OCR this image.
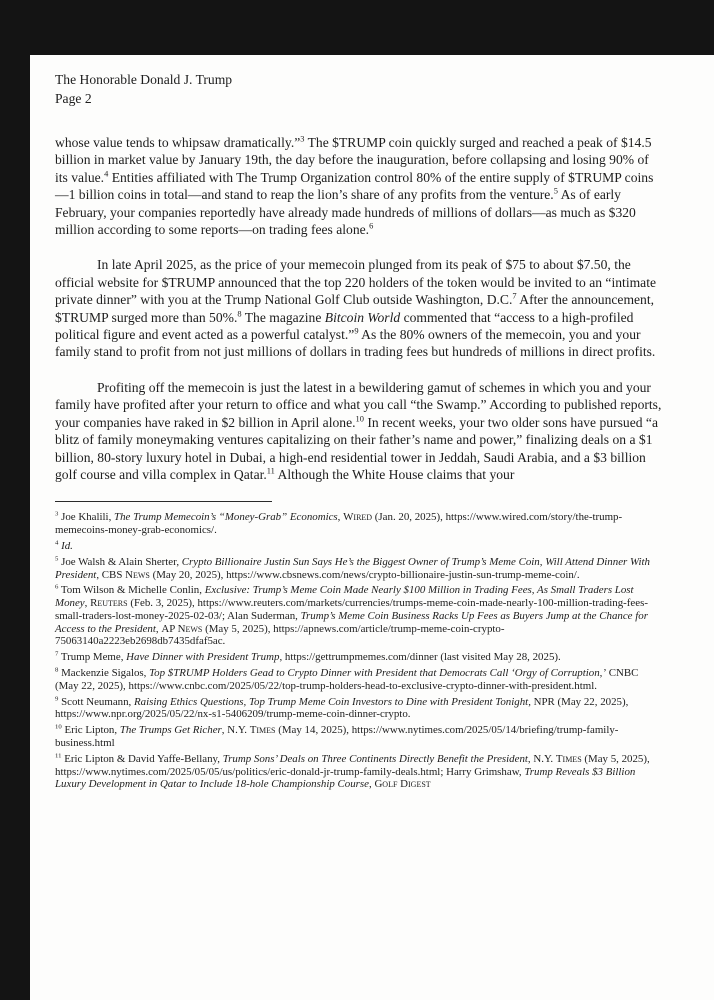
The Honorable Donald J. Trump
Page 2

whose value tends to whipsaw dramatically.”$^3$ The $TRUMP coin quickly surged and reached a peak of $14.5 billion in market value by January 19th, the day before the inauguration, before collapsing and losing 90% of its value.$^4$ Entities affiliated with The Trump Organization control 80% of the entire supply of $TRUMP coins—1 billion coins in total—and stand to reap the lion’s share of any profits from the venture.$^5$ As of early February, your companies reportedly have already made hundreds of millions of dollars—as much as $320 million according to some reports—on trading fees alone.$^6$

In late April 2025, as the price of your memecoin plunged from its peak of $75 to about $7.50, the official website for $TRUMP announced that the top 220 holders of the token would be invited to an “intimate private dinner” with you at the Trump National Golf Club outside Washington, D.C.$^7$ After the announcement, $TRUMP surged more than 50%.$^8$ The magazine Bitcoin World commented that “access to a high-profiled political figure and event acted as a powerful catalyst.”$^9$ As the 80% owners of the memecoin, you and your family stand to profit from not just millions of dollars in trading fees but hundreds of millions in direct profits.

Profiting off the memecoin is just the latest in a bewildering gamut of schemes in which you and your family have profited after your return to office and what you call “the Swamp.” According to published reports, your companies have raked in $2 billion in April alone.$^{10}$ In recent weeks, your two older sons have pursued “a blitz of family moneymaking ventures capitalizing on their father’s name and power,” finalizing deals on a $1 billion, 80-story luxury hotel in Dubai, a high-end residential tower in Jeddah, Saudi Arabia, and a $3 billion golf course and villa complex in Qatar.$^{11}$ Although the White House claims that your

$^3$ Joe Khalili, The Trump Memecoin’s “Money-Grab” Economics, Wired (Jan. 20, 2025), https://www.wired.com/story/the-trump-memecoins-money-grab-economics/.

$^4$ Id.

$^5$ Joe Walsh & Alain Sherter, Crypto Billionaire Justin Sun Says He’s the Biggest Owner of Trump’s Meme Coin, Will Attend Dinner With President, CBS News (May 20, 2025), https://www.cbsnews.com/news/crypto-billionaire-justin-sun-trump-meme-coin/.

$^6$ Tom Wilson & Michelle Conlin, Exclusive: Trump’s Meme Coin Made Nearly $100 Million in Trading Fees, As Small Traders Lost Money, Reuters (Feb. 3, 2025), https://www.reuters.com/markets/currencies/trumps-meme-coin-made-nearly-100-million-trading-fees-small-traders-lost-money-2025-02-03/; Alan Suderman, Trump’s Meme Coin Business Racks Up Fees as Buyers Jump at the Chance for Access to the President, AP News (May 5, 2025), https://apnews.com/article/trump-meme-coin-crypto-75063140a2223eb2698db7435dfaf5ac.

$^7$ Trump Meme, Have Dinner with President Trump, https://gettrumpmemes.com/dinner (last visited May 28, 2025).

$^8$ Mackenzie Sigalos, Top $TRUMP Holders Gead to Crypto Dinner with President that Democrats Call ‘Orgy of Corruption,’ CNBC (May 22, 2025), https://www.cnbc.com/2025/05/22/top-trump-holders-head-to-exclusive-crypto-dinner-with-president.html.

$^9$ Scott Neumann, Raising Ethics Questions, Top Trump Meme Coin Investors to Dine with President Tonight, NPR (May 22, 2025), https://www.npr.org/2025/05/22/nx-s1-5406209/trump-meme-coin-dinner-crypto.

$^{10}$ Eric Lipton, The Trumps Get Richer, N.Y. Times (May 14, 2025), https://www.nytimes.com/2025/05/14/briefing/trump-family-business.html

$^{11}$ Eric Lipton & David Yaffe-Bellany, Trump Sons’ Deals on Three Continents Directly Benefit the President, N.Y. Times (May 5, 2025), https://www.nytimes.com/2025/05/05/us/politics/eric-donald-jr-trump-family-deals.html; Harry Grimshaw, Trump Reveals $3 Billion Luxury Development in Qatar to Include 18-hole Championship Course, Golf Digest
